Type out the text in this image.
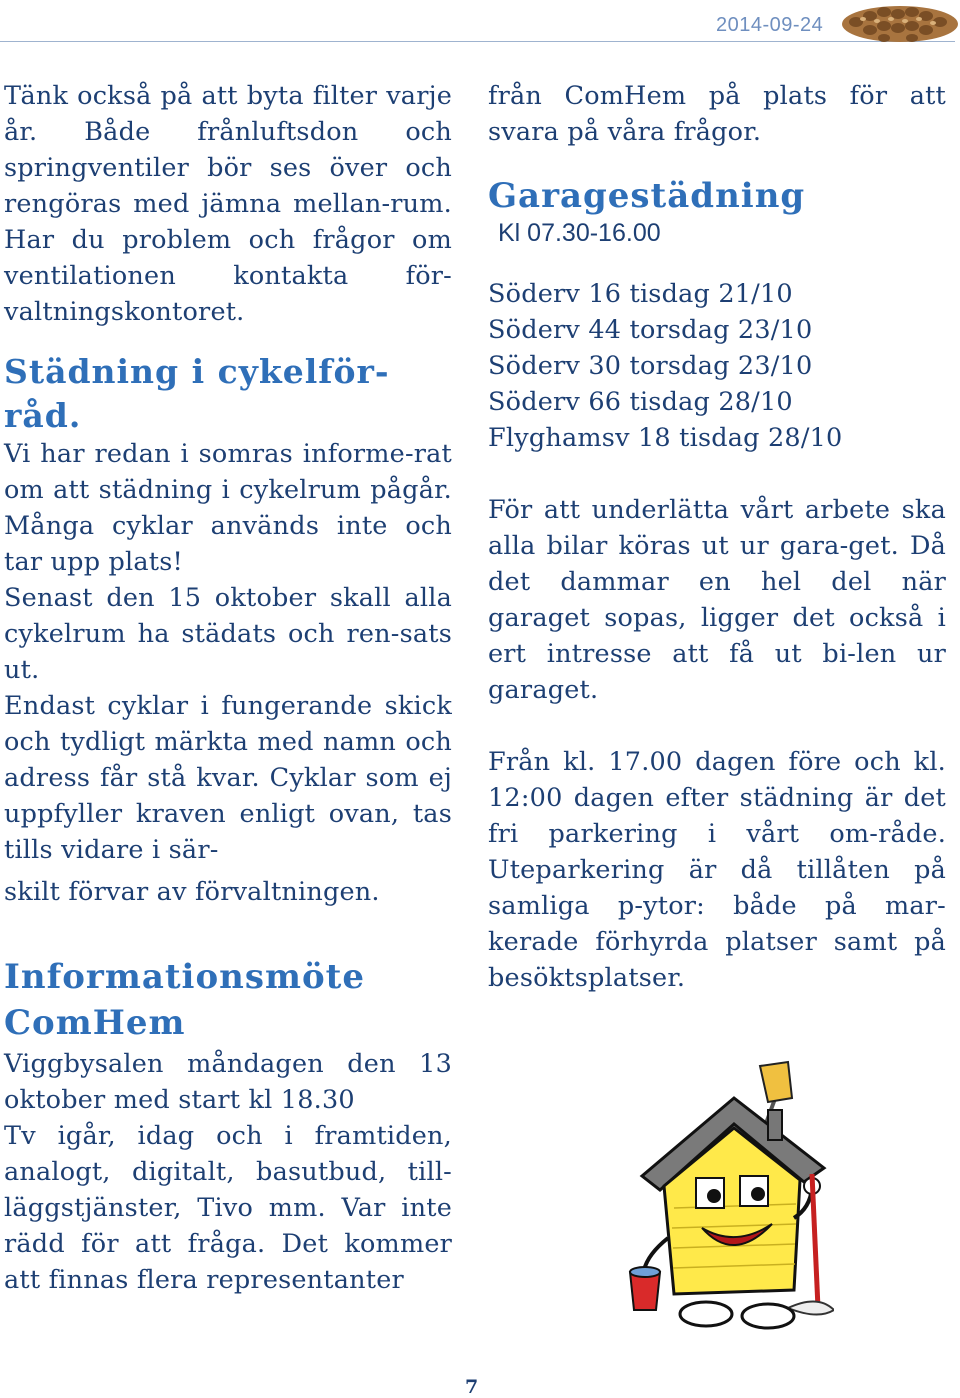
2014-09-24

Tänk också på att byta filter varje år. Både frånluftsdon och springventiler bör ses över och rengöras med jämna mellan-rum. Har du problem och frågor om ventilationen kontakta för-valtningskontoret.

Städning i cykelför-råd.

Vi har redan i somras informe-rat om att städning i cykelrum pågår. Många cyklar används inte och tar upp plats!

Senast den 15 oktober skall alla cykelrum ha städats och ren-sats ut.

Endast cyklar i fungerande skick och tydligt märkta med namn och adress får stå kvar. Cyklar som ej uppfyller kraven enligt ovan, tas tills vidare i sär-

skilt förvar av förvaltningen.

Informationsmöte ComHem

Viggbysalen måndagen den 13 oktober med start kl 18.30

Tv igår, idag och i framtiden, analogt, digitalt, basutbud, till-läggstjänster, Tivo mm. Var inte rädd för att fråga. Det kommer att finnas flera representanter

från ComHem på plats för att svara på våra frågor.

Garagestädning
Kl 07.30-16.00

Söderv 16 tisdag 21/10

Söderv 44 torsdag 23/10

Söderv 30 torsdag 23/10

Söderv 66 tisdag 28/10

Flyghamsv 18 tisdag 28/10

För att underlätta vårt arbete ska alla bilar köras ut ur gara-get. Då det dammar en hel del när garaget sopas, ligger det också i ert intresse att få ut bi-len ur garaget.

Från kl. 17.00 dagen före och kl. 12:00 dagen efter städning är det fri parkering i vårt om-råde. Uteparkering är då tillåten på samliga p-ytor: både på mar-kerade förhyrda platser samt på besöktsplatser.

7
